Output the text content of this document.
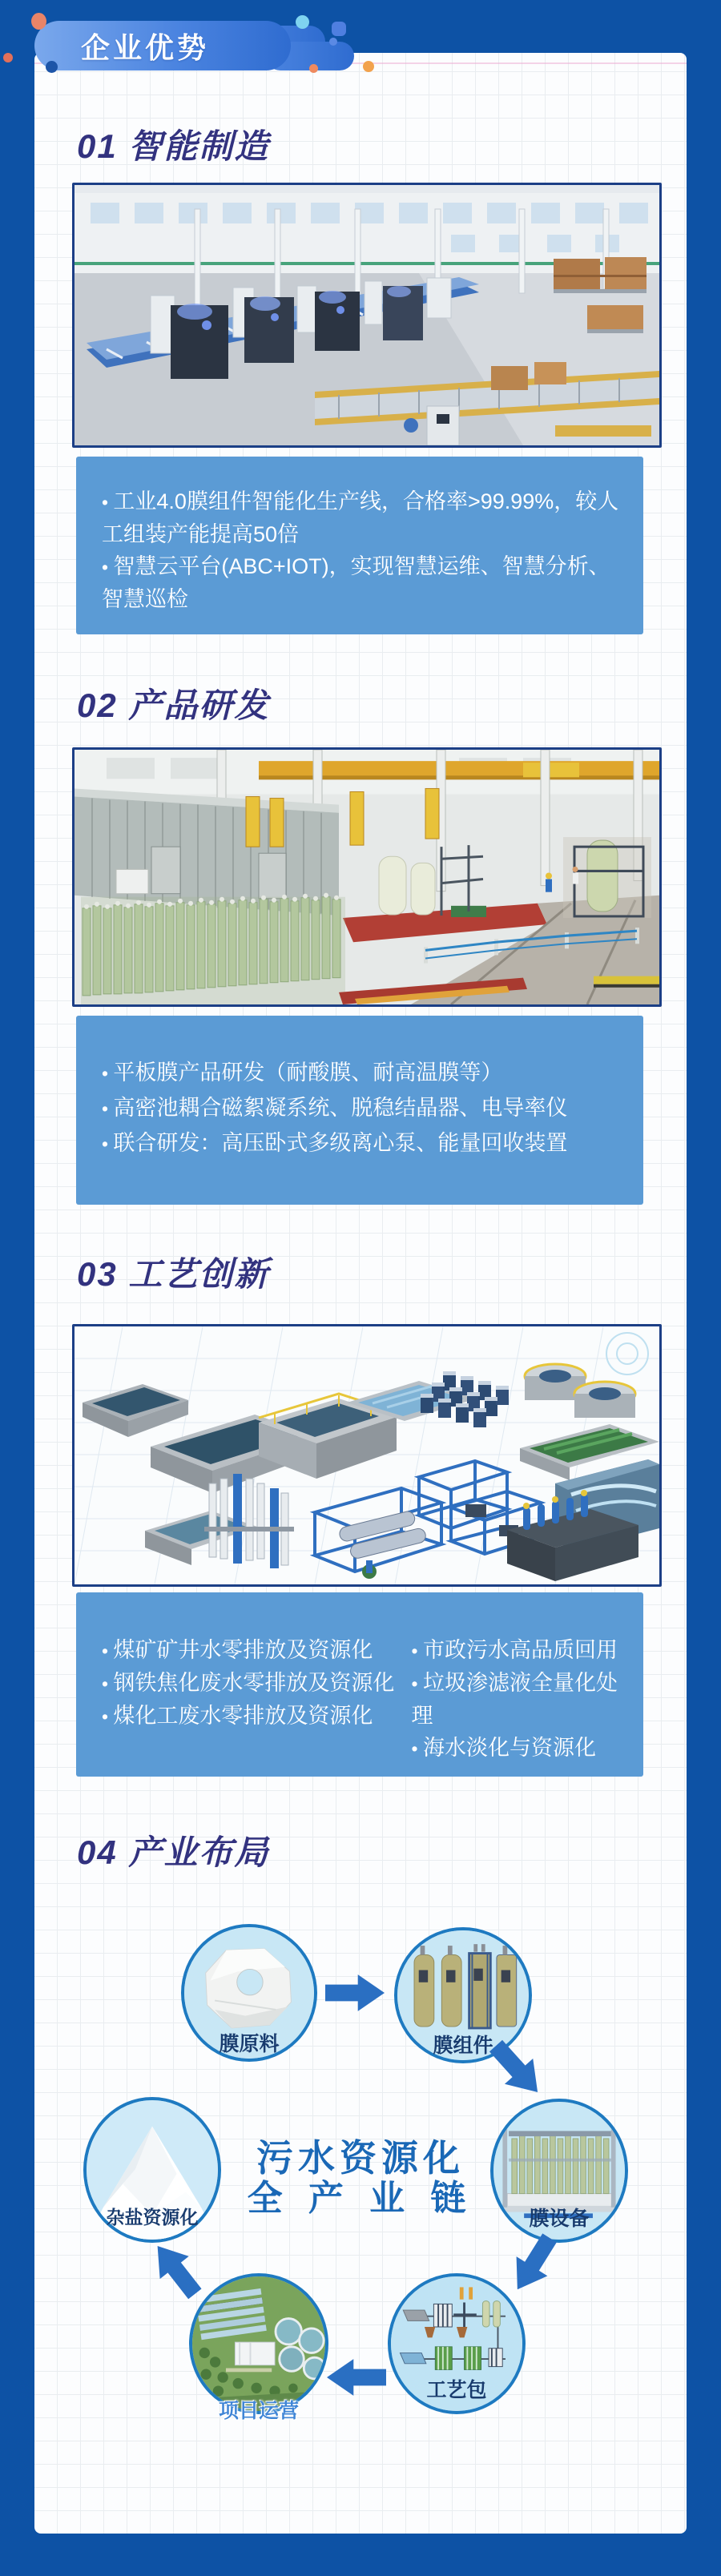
企业优势
01 智能制造
• 工业4.0膜组件智能化生产线，合格率>99.99%，较人工组装产能提高50倍
• 智慧云平台(ABC+IOT)，实现智慧运维、智慧分析、智慧巡检
02 产品研发
• 平板膜产品研发（耐酸膜、耐高温膜等）
• 高密池耦合磁絮凝系统、脱稳结晶器、电导率仪
• 联合研发：高压卧式多级离心泵、能量回收装置
03 工艺创新
• 煤矿矿井水零排放及资源化
• 钢铁焦化废水零排放及资源化
• 煤化工废水零排放及资源化
• 市政污水高品质回用
• 垃圾渗滤液全量化处理
• 海水淡化与资源化
04 产业布局
污水资源化
全 产 业 链
膜原料	膜组件
杂盐资源化	膜设备
项目运营
工艺包
